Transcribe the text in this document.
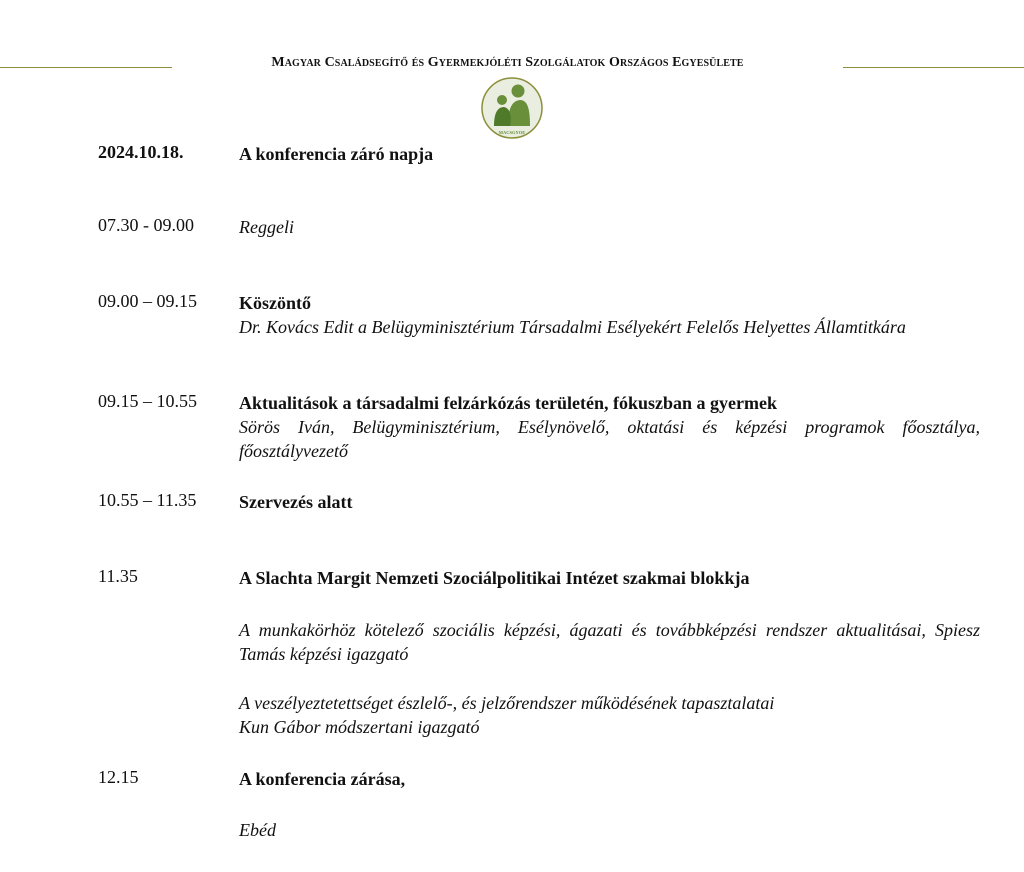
Magyar Családsegítő és Gyermekjóléti Szolgálatok Országos Egyesülete
MACSGYOE
2024.10.18.	A konferencia záró napja
07.30 - 09.00	Reggeli
09.00 – 09.15 Köszöntő
Dr. Kovács Edit a Belügyminisztérium Társadalmi Esélyekért Felelős Helyettes Államtitkára
09.15 – 10.55 Aktualitások a társadalmi felzárkózás területén, fókuszban a gyermek
Sörös Iván, Belügyminisztérium, Esélynövelő, oktatási és képzési programok főosztálya, főosztályvezető
10.55 – 11.35 Szervezés alatt
11.35	A Slachta Margit Nemzeti Szociálpolitikai Intézet szakmai blokkja
A munkakörhöz kötelező szociális képzési, ágazati és továbbképzési rendszer aktualitásai, Spiesz Tamás képzési igazgató
A veszélyeztetettséget észlelő-, és jelzőrendszer működésének tapasztalatai
Kun Gábor módszertani igazgató
12.15	A konferencia zárása,
Ebéd
